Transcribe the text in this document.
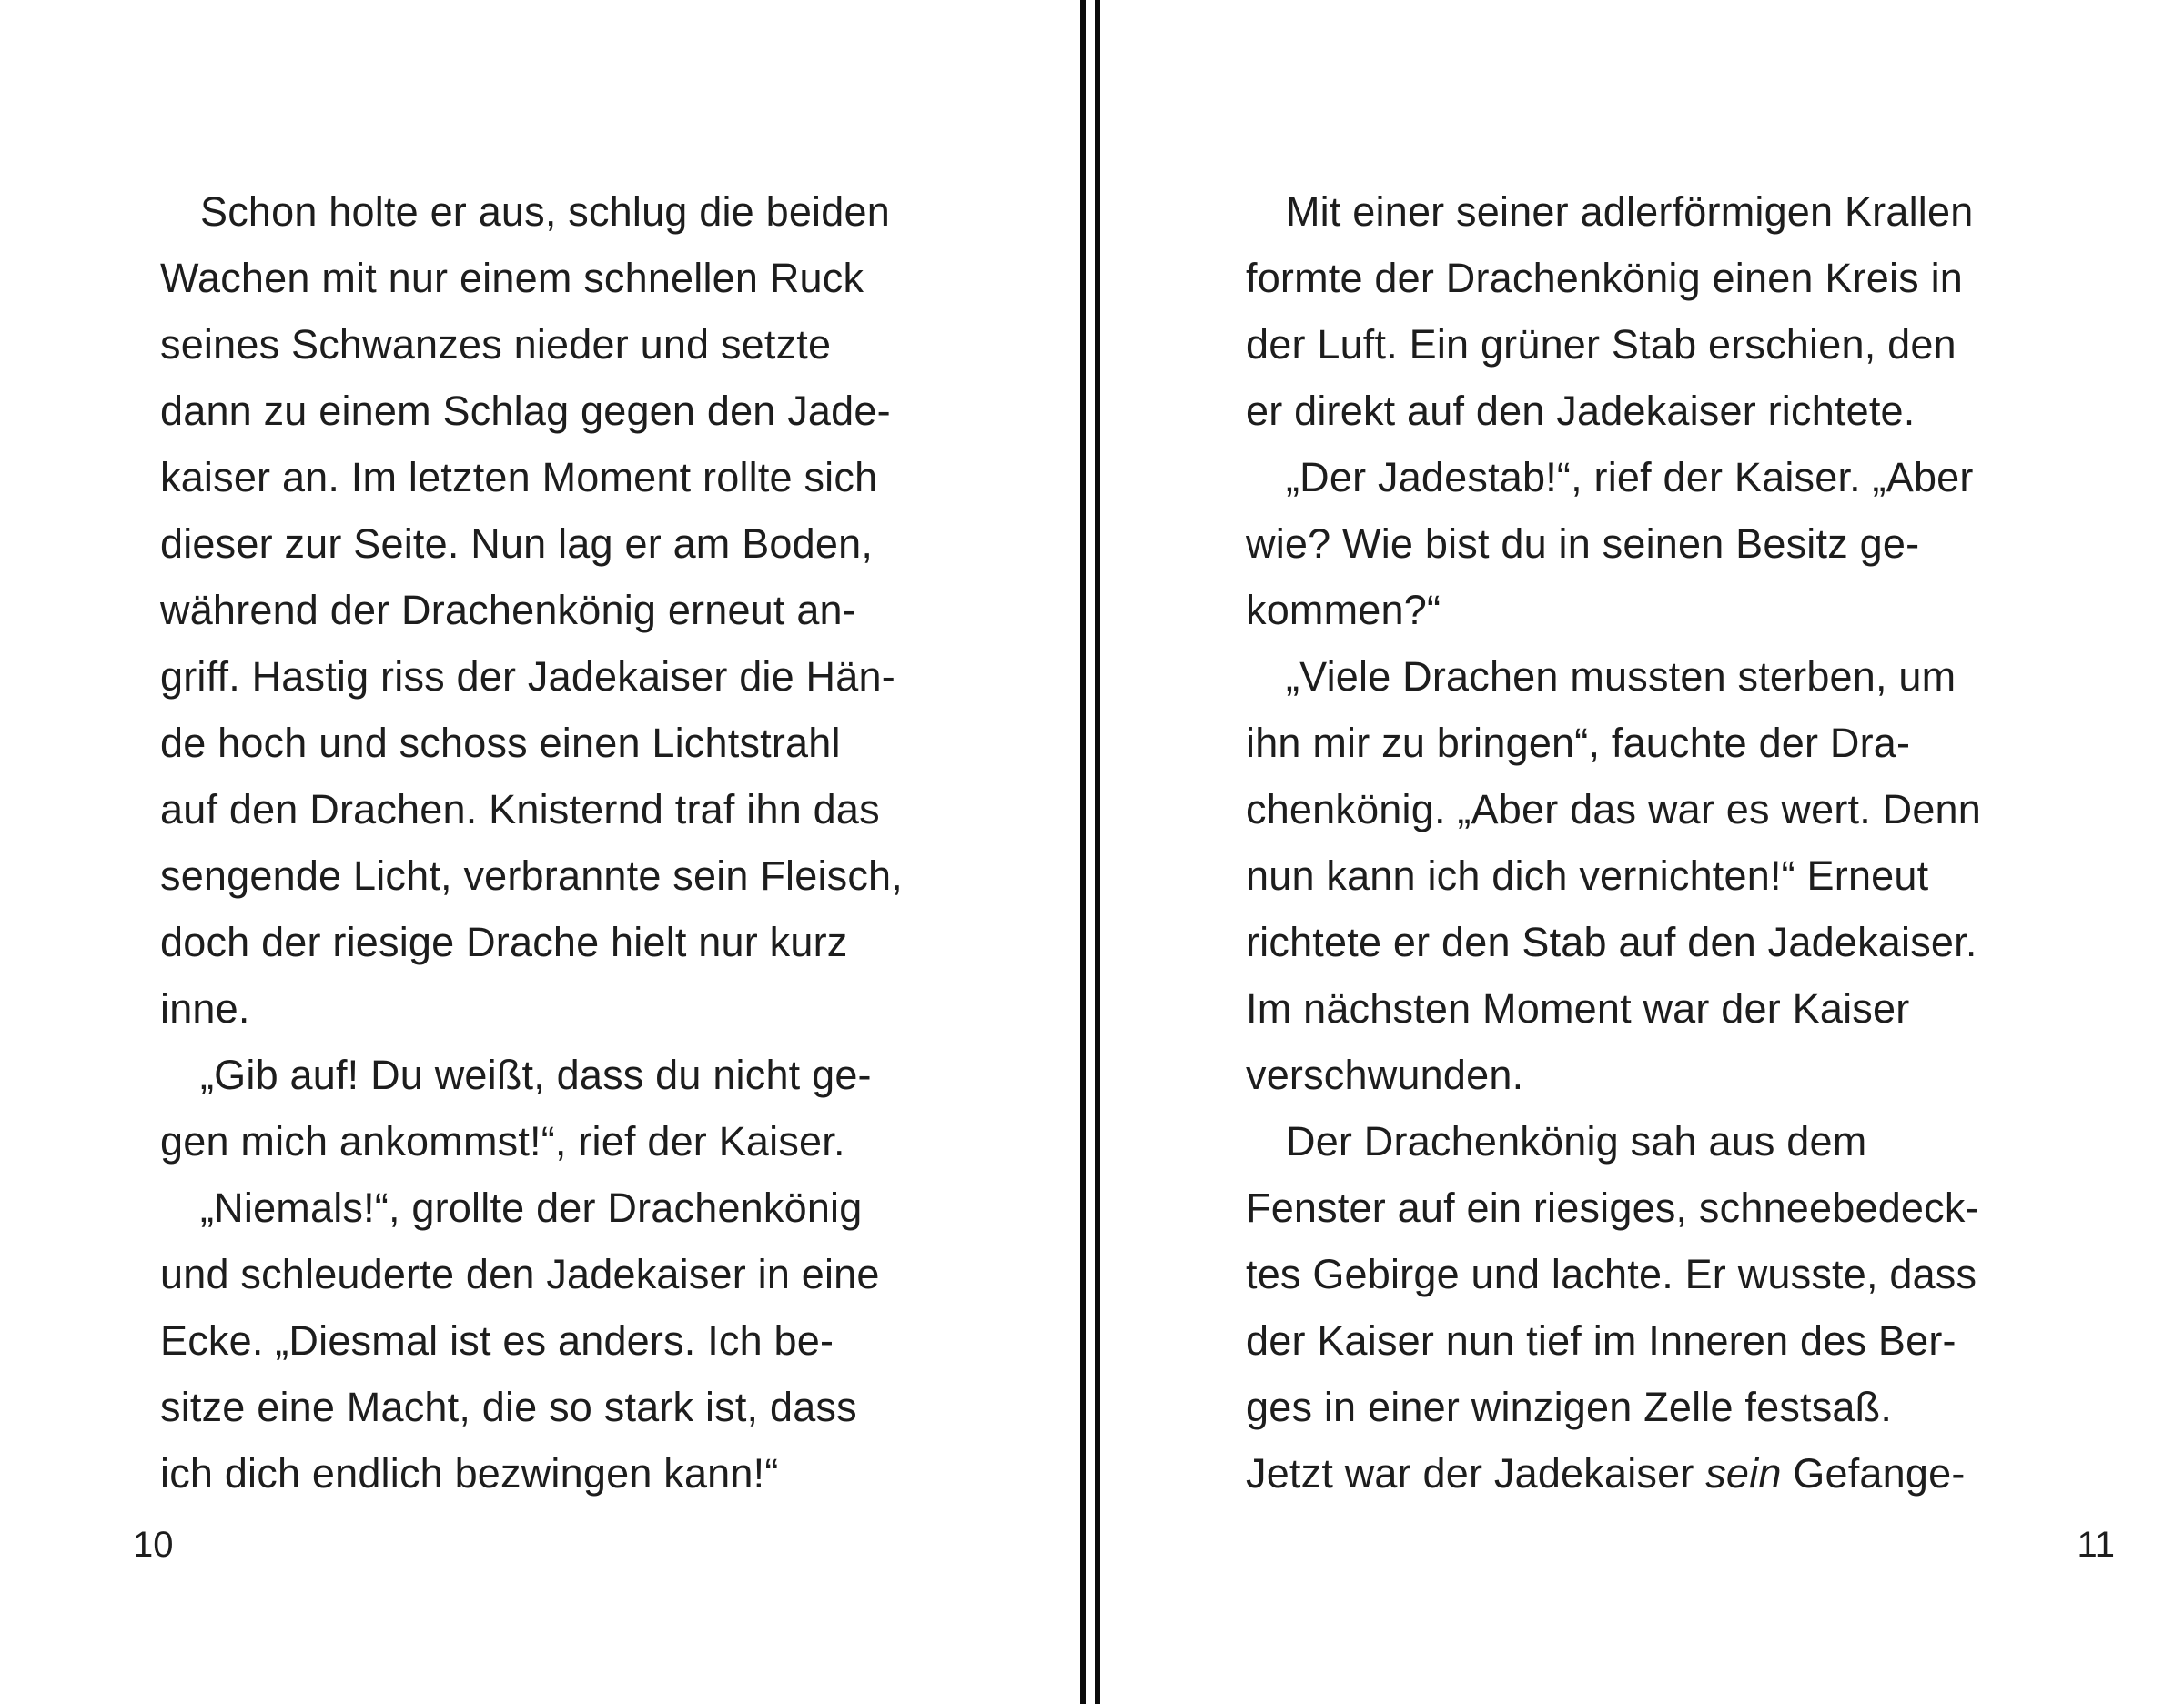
Schon holte er aus, schlug die beiden
Wachen mit nur einem schnellen Ruck
seines Schwanzes nieder und setzte
dann zu einem Schlag gegen den Jade-
kaiser an. Im letzten Moment rollte sich
dieser zur Seite. Nun lag er am Boden,
während der Drachenkönig erneut an-
griff. Hastig riss der Jadekaiser die Hän-
de hoch und schoss einen Lichtstrahl
auf den Drachen. Knisternd traf ihn das
sengende Licht, verbrannte sein Fleisch,
doch der riesige Drache hielt nur kurz
inne.
„Gib auf! Du weißt, dass du nicht ge-
gen mich ankommst!“, rief der Kaiser.
„Niemals!“, grollte der Drachenkönig
und schleuderte den Jadekaiser in eine
Ecke. „Diesmal ist es anders. Ich be-
sitze eine Macht, die so stark ist, dass
ich dich endlich bezwingen kann!“
10
Mit einer seiner adlerförmigen Krallen
formte der Drachenkönig einen Kreis in
der Luft. Ein grüner Stab erschien, den
er direkt auf den Jadekaiser richtete.
„Der Jadestab!“, rief der Kaiser. „Aber
wie? Wie bist du in seinen Besitz ge-
kommen?“
„Viele Drachen mussten sterben, um
ihn mir zu bringen“, fauchte der Dra-
chenkönig. „Aber das war es wert. Denn
nun kann ich dich vernichten!“ Erneut
richtete er den Stab auf den Jadekaiser.
Im nächsten Moment war der Kaiser
verschwunden.
Der Drachenkönig sah aus dem
Fenster auf ein riesiges, schneebedeck-
tes Gebirge und lachte. Er wusste, dass
der Kaiser nun tief im Inneren des Ber-
ges in einer winzigen Zelle festsaß.
Jetzt war der Jadekaiser sein Gefange-
11
